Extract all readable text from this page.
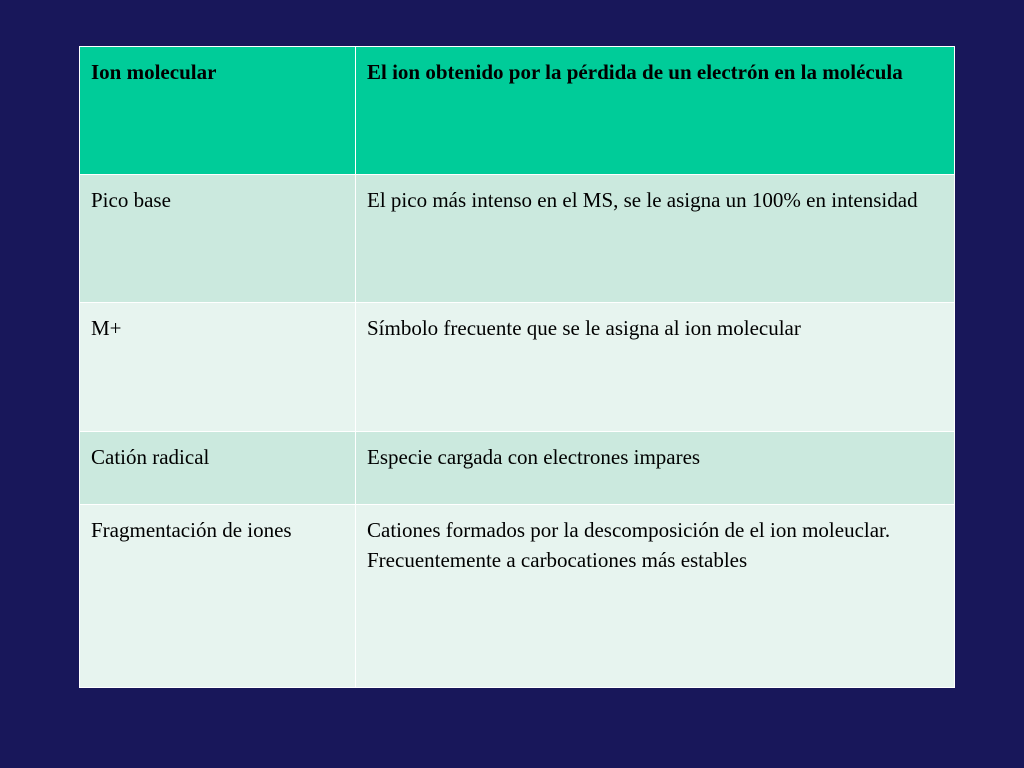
Ion molecular	El ion obtenido por la pérdida de un electrón en la molécula
Pico base	El pico más intenso en el MS, se le asigna un 100% en intensidad
M+	Símbolo frecuente que se le asigna al ion molecular
Catión radical	Especie cargada con electrones impares
Fragmentación de iones	Cationes formados por la descomposición de el ion moleuclar. Frecuentemente a carbocationes más estables
